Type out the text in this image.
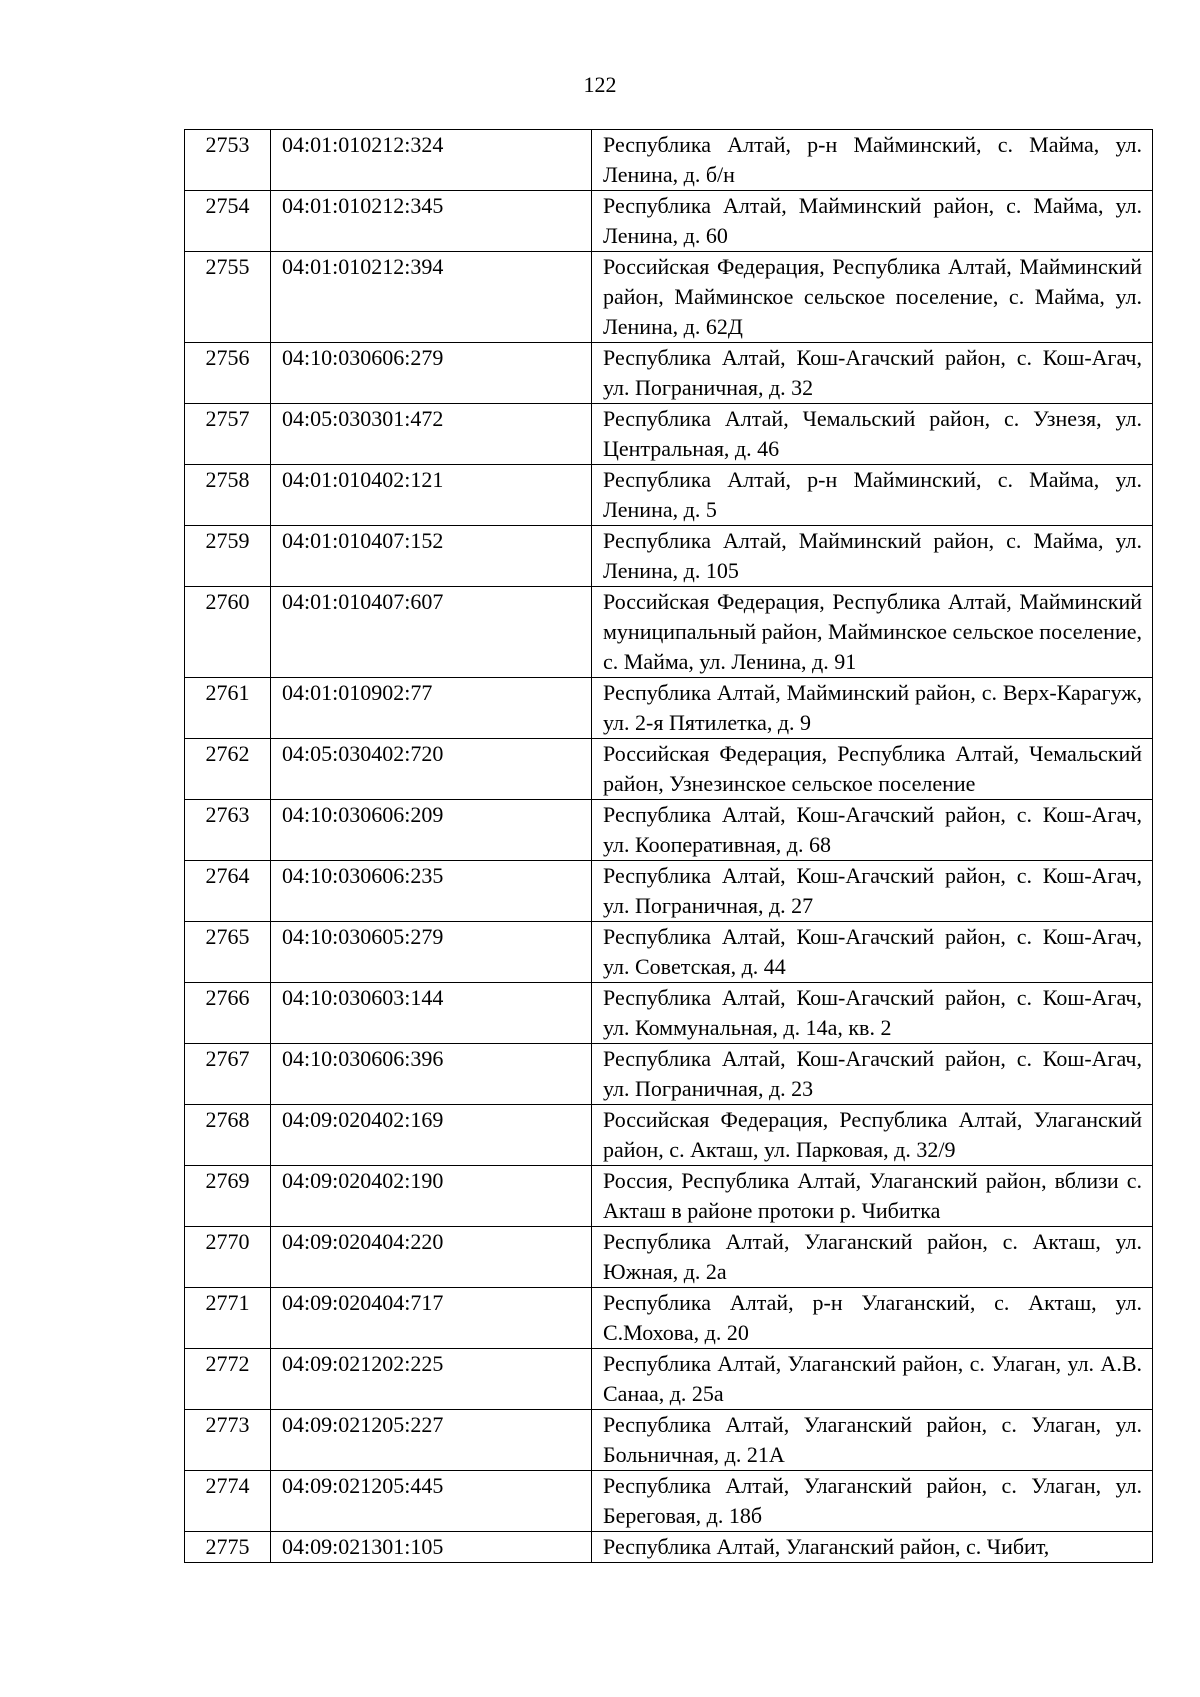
122
2753	04:01:010212:324	Республика Алтай, р-н Майминский, с. Майма, ул. Ленина, д. б/н
2754	04:01:010212:345	Республика Алтай, Майминский район, с. Майма, ул. Ленина, д. 60
2755	04:01:010212:394	Российская Федерация, Республика Алтай, Майминский район, Майминское сельское поселение, с. Майма, ул. Ленина, д. 62Д
2756	04:10:030606:279	Республика Алтай, Кош-Агачский район, с. Кош-Агач, ул. Пограничная, д. 32
2757	04:05:030301:472	Республика Алтай, Чемальский район, с. Узнезя, ул. Центральная, д. 46
2758	04:01:010402:121	Республика Алтай, р-н Майминский, с. Майма, ул. Ленина, д. 5
2759	04:01:010407:152	Республика Алтай, Майминский район, с. Майма, ул. Ленина, д. 105
2760	04:01:010407:607	Российская Федерация, Республика Алтай, Майминский муниципальный район, Майминское сельское поселение, с. Майма, ул. Ленина, д. 91
2761	04:01:010902:77	Республика Алтай, Майминский район, с. Верх-Карагуж, ул. 2-я Пятилетка, д. 9
2762	04:05:030402:720	Российская Федерация, Республика Алтай, Чемальский район, Узнезинское сельское поселение
2763	04:10:030606:209	Республика Алтай, Кош-Агачский район, с. Кош-Агач, ул. Кооперативная, д. 68
2764	04:10:030606:235	Республика Алтай, Кош-Агачский район, с. Кош-Агач, ул. Пограничная, д. 27
2765	04:10:030605:279	Республика Алтай, Кош-Агачский район, с. Кош-Агач, ул. Советская, д. 44
2766	04:10:030603:144	Республика Алтай, Кош-Агачский район, с. Кош-Агач, ул. Коммунальная, д. 14а, кв. 2
2767	04:10:030606:396	Республика Алтай, Кош-Агачский район, с. Кош-Агач, ул. Пограничная, д. 23
2768	04:09:020402:169	Российская Федерация, Республика Алтай, Улаганский район, с. Акташ, ул. Парковая, д. 32/9
2769	04:09:020402:190	Россия, Республика Алтай, Улаганский район, вблизи с. Акташ в районе протоки р. Чибитка
2770	04:09:020404:220	Республика Алтай, Улаганский район, с. Акташ, ул. Южная, д. 2а
2771	04:09:020404:717	Республика Алтай, р-н Улаганский, с. Акташ, ул. С.Мохова, д. 20
2772	04:09:021202:225	Республика Алтай, Улаганский район, с. Улаган, ул. А.В. Санаа, д. 25а
2773	04:09:021205:227	Республика Алтай, Улаганский район, с. Улаган, ул. Больничная, д. 21А
2774	04:09:021205:445	Республика Алтай, Улаганский район, с. Улаган, ул. Береговая, д. 18б
2775	04:09:021301:105	Республика Алтай, Улаганский район, с. Чибит,
